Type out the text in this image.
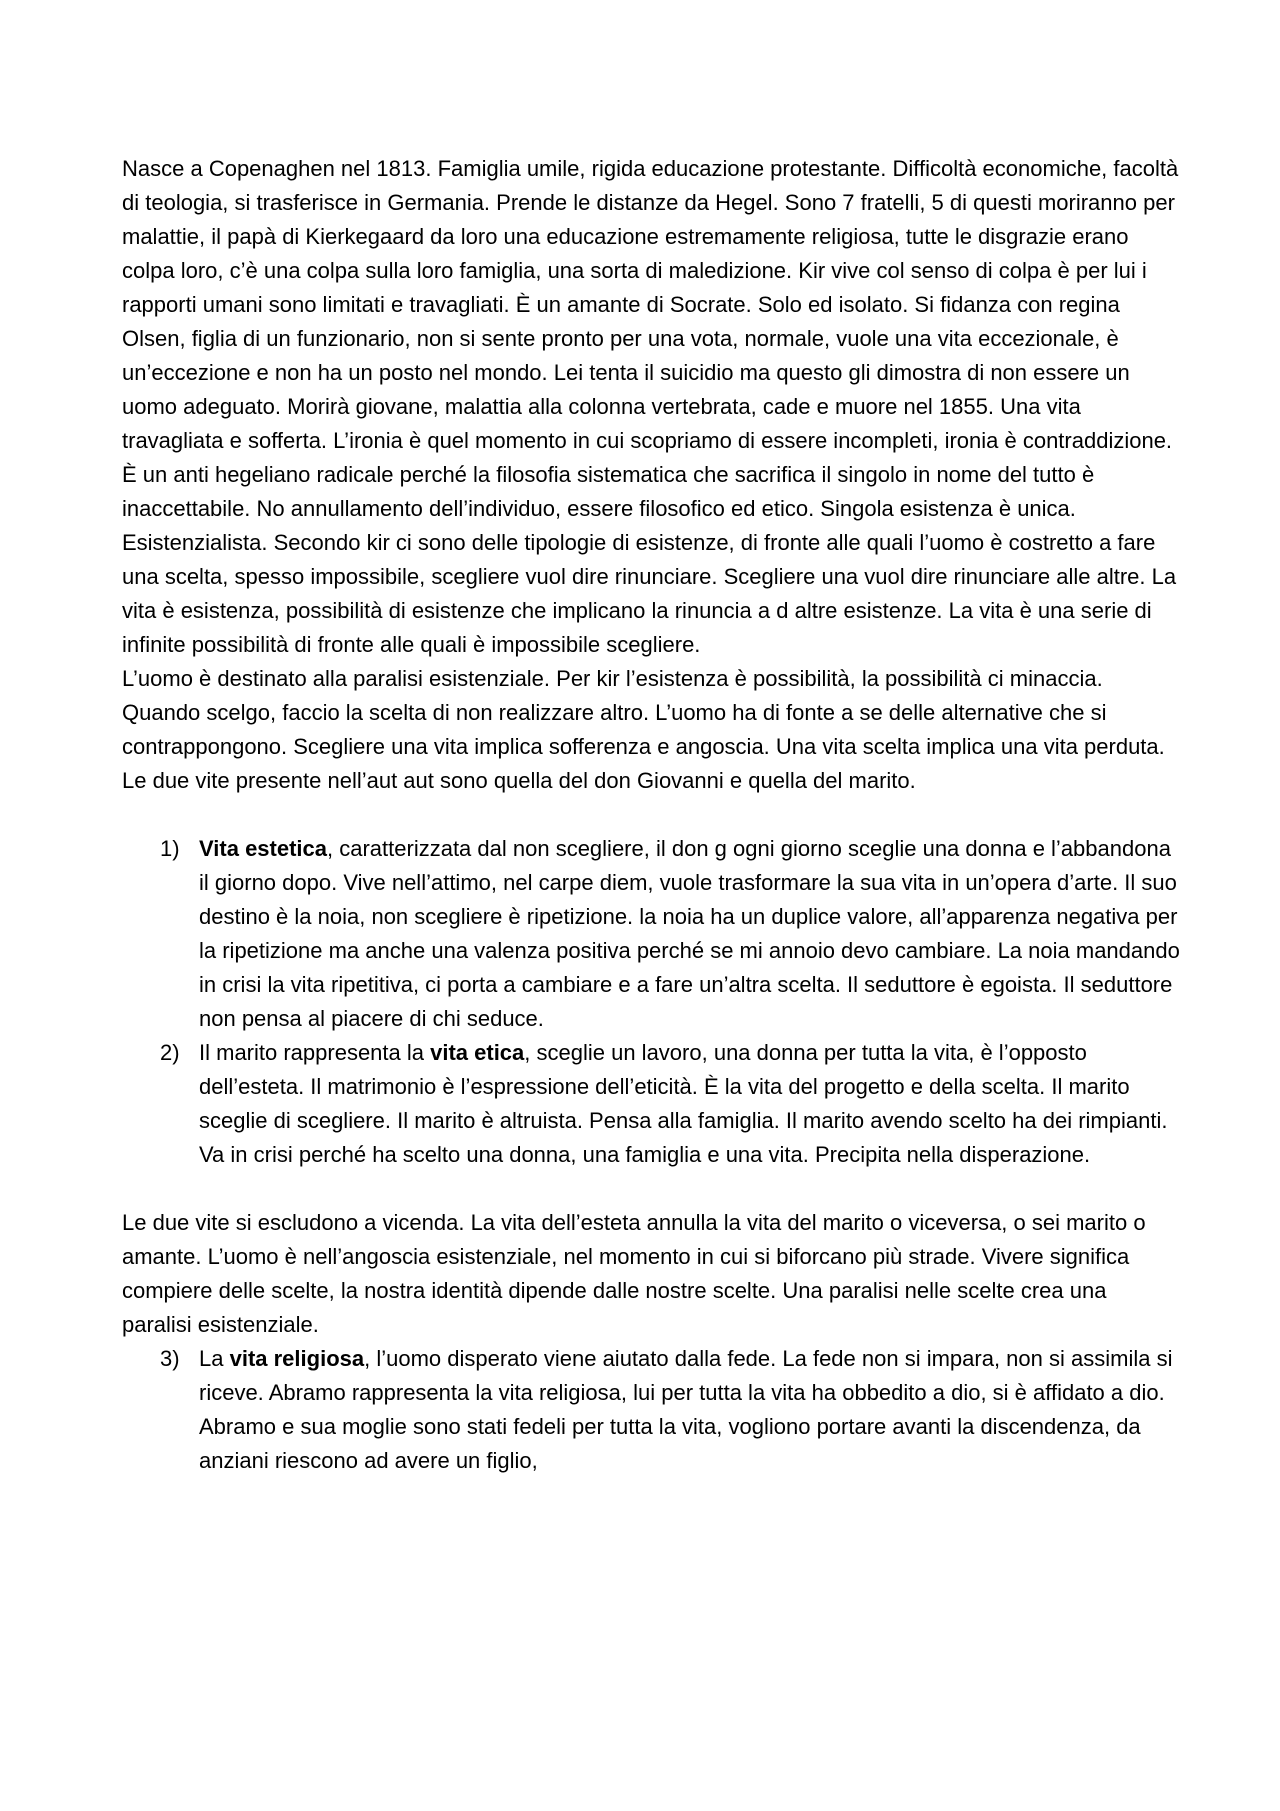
Nasce a Copenaghen nel 1813. Famiglia umile, rigida educazione protestante. Difficoltà economiche, facoltà di teologia, si trasferisce in Germania. Prende le distanze da Hegel. Sono 7 fratelli, 5 di questi moriranno per malattie, il papà di Kierkegaard da loro una educazione estremamente religiosa, tutte le disgrazie erano colpa loro, c’è una colpa sulla loro famiglia, una sorta di maledizione. Kir vive col senso di colpa è per lui i rapporti umani sono limitati e travagliati. È un amante di Socrate. Solo ed isolato. Si fidanza con regina Olsen, figlia di un funzionario, non si sente pronto per una vota, normale, vuole una vita eccezionale, è un’eccezione e non ha un posto nel mondo. Lei tenta il suicidio ma questo gli dimostra di non essere un uomo adeguato. Morirà giovane, malattia alla colonna vertebrata, cade e muore nel 1855. Una vita travagliata e sofferta. L’ironia è quel momento in cui scopriamo di essere incompleti, ironia è contraddizione.

È un anti hegeliano radicale perché la filosofia sistematica che sacrifica il singolo in nome del tutto è inaccettabile. No annullamento dell’individuo, essere filosofico ed etico. Singola esistenza è unica. Esistenzialista. Secondo kir ci sono delle tipologie di esistenze, di fronte alle quali l’uomo è costretto a fare una scelta, spesso impossibile, scegliere vuol dire rinunciare. Scegliere una vuol dire rinunciare alle altre. La vita è esistenza, possibilità di esistenze che implicano la rinuncia a d altre esistenze. La vita è una serie di infinite possibilità di fronte alle quali è impossibile scegliere.

L’uomo è destinato alla paralisi esistenziale. Per kir l’esistenza è possibilità, la possibilità ci minaccia. Quando scelgo, faccio la scelta di non realizzare altro. L’uomo ha di fonte a se delle alternative che si contrappongono. Scegliere una vita implica sofferenza e angoscia. Una vita scelta implica una vita perduta.

Le due vite presente nell’aut aut sono quella del don Giovanni e quella del marito.

1) Vita estetica, caratterizzata dal non scegliere, il don g ogni giorno sceglie una donna e l’abbandona il giorno dopo. Vive nell’attimo, nel carpe diem, vuole trasformare la sua vita in un’opera d’arte. Il suo destino è la noia, non scegliere è ripetizione. la noia ha un duplice valore, all’apparenza negativa per la ripetizione ma anche una valenza positiva perché se mi annoio devo cambiare. La noia mandando in crisi la vita ripetitiva, ci porta a cambiare e a fare un’altra scelta. Il seduttore è egoista. Il seduttore non pensa al piacere di chi seduce.
2) Il marito rappresenta la vita etica, sceglie un lavoro, una donna per tutta la vita, è l’opposto dell’esteta. Il matrimonio è l’espressione dell’eticità. È la vita del progetto e della scelta. Il marito sceglie di scegliere. Il marito è altruista. Pensa alla famiglia. Il marito avendo scelto ha dei rimpianti. Va in crisi perché ha scelto una donna, una famiglia e una vita. Precipita nella disperazione.

Le due vite si escludono a vicenda. La vita dell’esteta annulla la vita del marito o viceversa, o sei marito o amante. L’uomo è nell’angoscia esistenziale, nel momento in cui si biforcano più strade. Vivere significa compiere delle scelte, la nostra identità dipende dalle nostre scelte. Una paralisi nelle scelte crea una paralisi esistenziale.

3) La vita religiosa, l’uomo disperato viene aiutato dalla fede. La fede non si impara, non si assimila si riceve. Abramo rappresenta la vita religiosa, lui per tutta la vita ha obbedito a dio, si è affidato a dio. Abramo e sua moglie sono stati fedeli per tutta la vita, vogliono portare avanti la discendenza, da anziani riescono ad avere un figlio,
